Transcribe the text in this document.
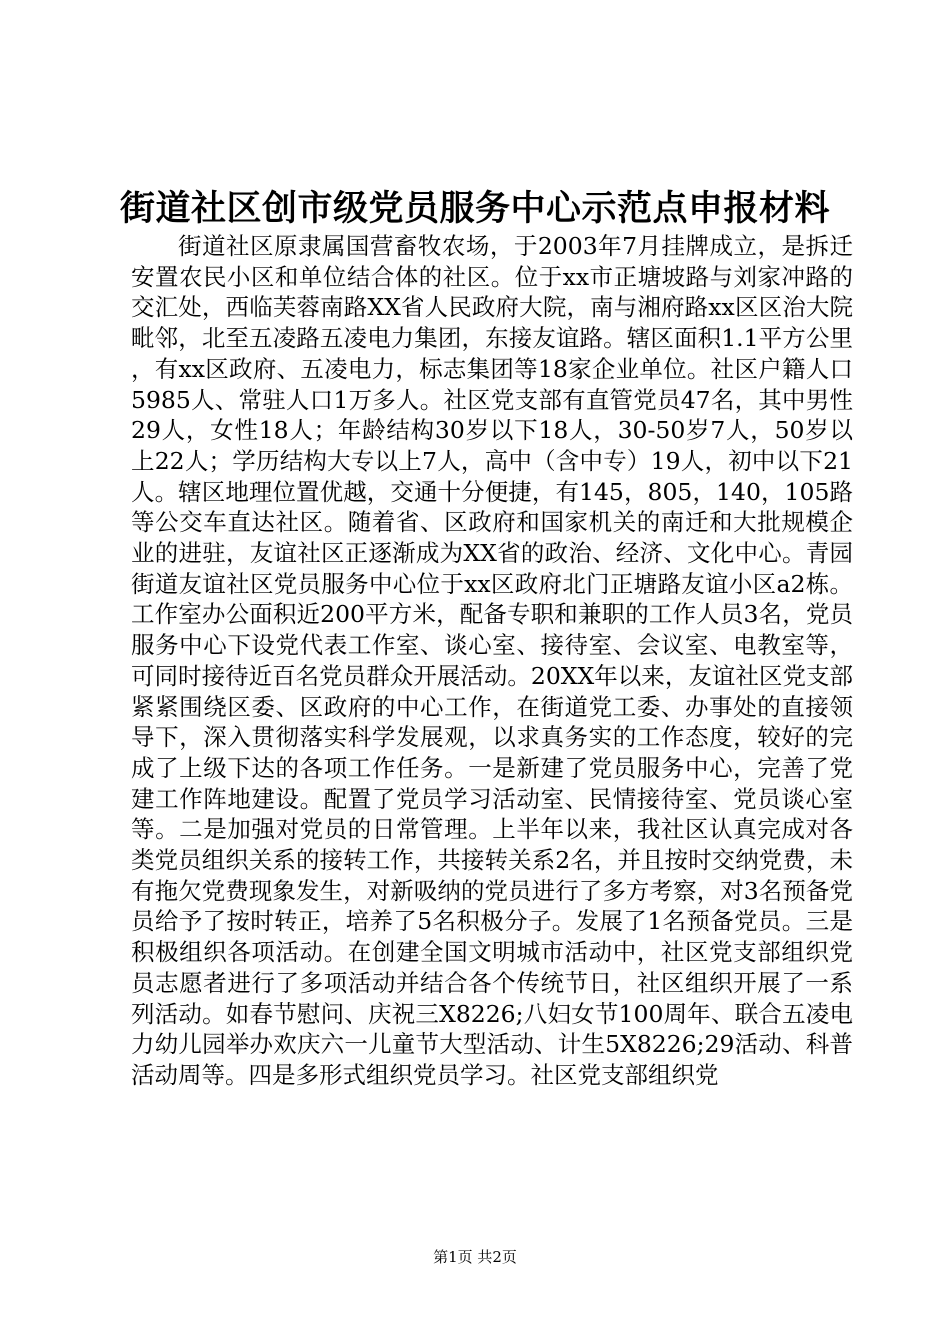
街道社区创市级党员服务中心示范点申报材料

街道社区原隶属国营畜牧农场，于2003年7月挂牌成立，是拆迁安置农民小区和单位结合体的社区。位于xx市正塘坡路与刘家冲路的交汇处，西临芙蓉南路XX省人民政府大院，南与湘府路xx区区治大院毗邻，北至五凌路五凌电力集团，东接友谊路。辖区面积1.1平方公里，有xx区政府、五凌电力，标志集团等18家企业单位。社区户籍人口5985人、常驻人口1万多人。社区党支部有直管党员47名，其中男性29人，女性18人；年龄结构30岁以下18人，30-50岁7人，50岁以上22人；学历结构大专以上7人，高中（含中专）19人，初中以下21人。辖区地理位置优越，交通十分便捷，有145，805，140，105路等公交车直达社区。随着省、区政府和国家机关的南迁和大批规模企业的进驻，友谊社区正逐渐成为XX省的政治、经济、文化中心。青园街道友谊社区党员服务中心位于xx区政府北门正塘路友谊小区a2栋。工作室办公面积近200平方米，配备专职和兼职的工作人员3名，党员服务中心下设党代表工作室、谈心室、接待室、会议室、电教室等，可同时接待近百名党员群众开展活动。20XX年以来，友谊社区党支部紧紧围绕区委、区政府的中心工作，在街道党工委、办事处的直接领导下，深入贯彻落实科学发展观，以求真务实的工作态度，较好的完成了上级下达的各项工作任务。一是新建了党员服务中心，完善了党建工作阵地建设。配置了党员学习活动室、民情接待室、党员谈心室等。二是加强对党员的日常管理。上半年以来，我社区认真完成对各类党员组织关系的接转工作，共接转关系2名，并且按时交纳党费，未有拖欠党费现象发生，对新吸纳的党员进行了多方考察，对3名预备党员给予了按时转正，培养了5名积极分子。发展了1名预备党员。三是积极组织各项活动。在创建全国文明城市活动中，社区党支部组织党员志愿者进行了多项活动并结合各个传统节日，社区组织开展了一系列活动。如春节慰问、庆祝三X8226;八妇女节100周年、联合五凌电力幼儿园举办欢庆六一儿童节大型活动、计生5X8226;29活动、科普活动周等。四是多形式组织党员学习。社区党支部组织党

第1页 共2页
